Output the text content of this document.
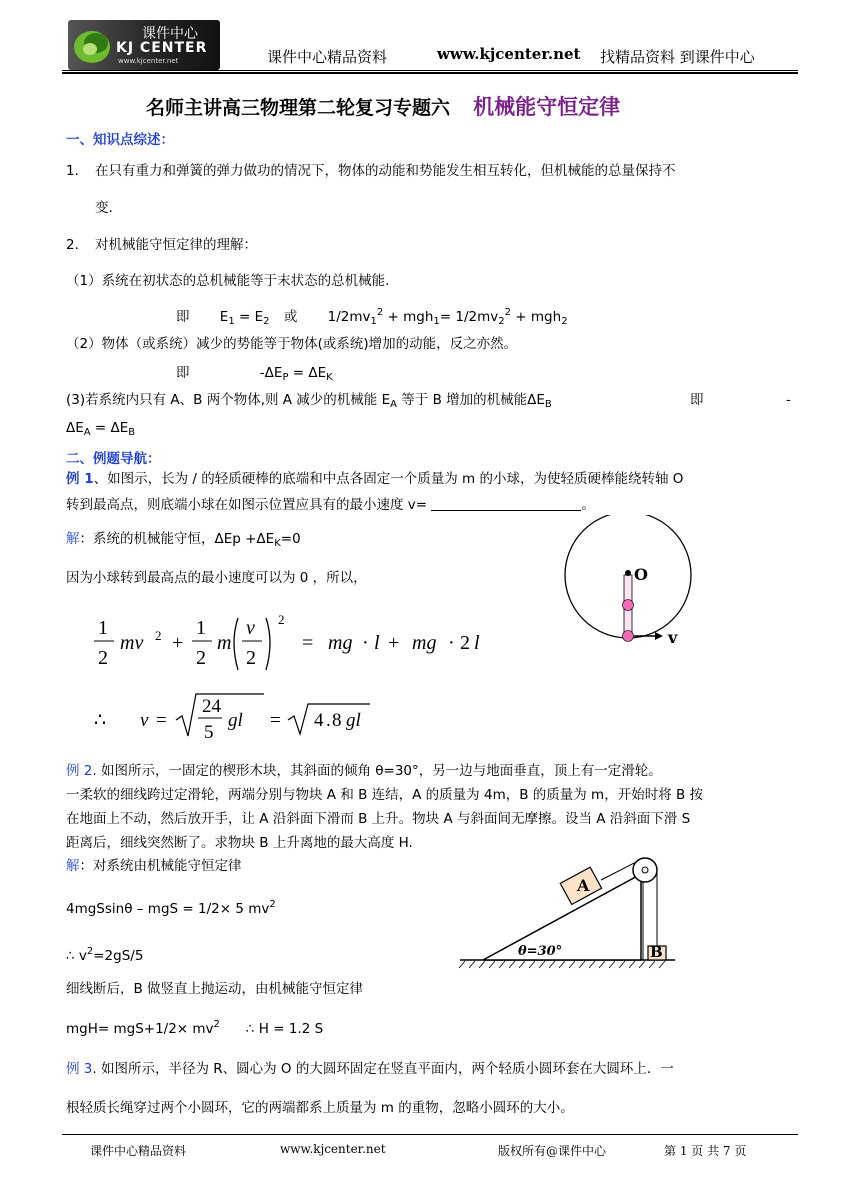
课件中心
KJ CENTER
www.kjcenter.net	课件中心精品资料	www.kjcenter.net 找精品资料 到课件中心
名师主讲高三物理第二轮复习专题六 机械能守恒定律
一、知识点综述：
1. 在只有重力和弹簧的弹力做功的情况下，物体的动能和势能发生相互转化，但机械能的总量保持不
变.
2. 对机械能守恒定律的理解：
（1）系统在初状态的总机械能等于末状态的总机械能.
即 $E_1 = E_2$ 或 $1/2mv_1^2 + mgh_1= 1/2mv_2^2 + mgh_2$
（2）物体（或系统）减少的势能等于物体(或系统)增加的动能，反之亦然。
即	$-\Delta E_P = \Delta E_K$
(3)若系统内只有 A、B 两个物体,则 A 减少的机械能 $E_A$ 等于 B 增加的机械能$\Delta E_B$	即	-
$\Delta E_A = \Delta E_B$
二、例题导航：
例 1、如图示，长为 / 的轻质硬棒的底端和中点各固定一个质量为 m 的小球，为使轻质硬棒能绕转轴 O
转到最高点，则底端小球在如图示位置应具有的最小速度 v=	。
解：系统的机械能守恒，$\Delta Ep +\Delta E_K=0$
因为小球转到最高点的最小速度可以为 0 ，所以，
1
2
mv 2 +
1
2
m
v
2
2
= mg · l + mg · 2 l
∴ v =
24
5
gl = 4 . 8 gl
O
v
例 2. 如图所示，一固定的楔形木块，其斜面的倾角 θ=30°，另一边与地面垂直，顶上有一定滑轮。
一柔软的细线跨过定滑轮，两端分别与物块 A 和 B 连结，A 的质量为 4m，B 的质量为 m，开始时将 B 按
在地面上不动，然后放开手，让 A 沿斜面下滑而 B 上升。物块 A 与斜面间无摩擦。设当 A 沿斜面下滑 S
距离后，细线突然断了。求物块 B 上升离地的最大高度 H.
解：对系统由机械能守恒定律
4mgSsinθ – mgS = 1/2× 5 $mv^2$
∴ $v^2=2gS/5$
细线断后，B 做竖直上抛运动，由机械能守恒定律
$mgH= mgS+1/2\times mv^2$ ∴ H = 1.2 S
A
B
θ=30°
例 3. 如图所示，半径为 R、圆心为 O 的大圆环固定在竖直平面内，两个轻质小圆环套在大圆环上．一
根轻质长绳穿过两个小圆环，它的两端都系上质量为 m 的重物，忽略小圆环的大小。
课件中心精品资料	www.kjcenter.net	版权所有@课件中心	第 1 页 共 7 页
